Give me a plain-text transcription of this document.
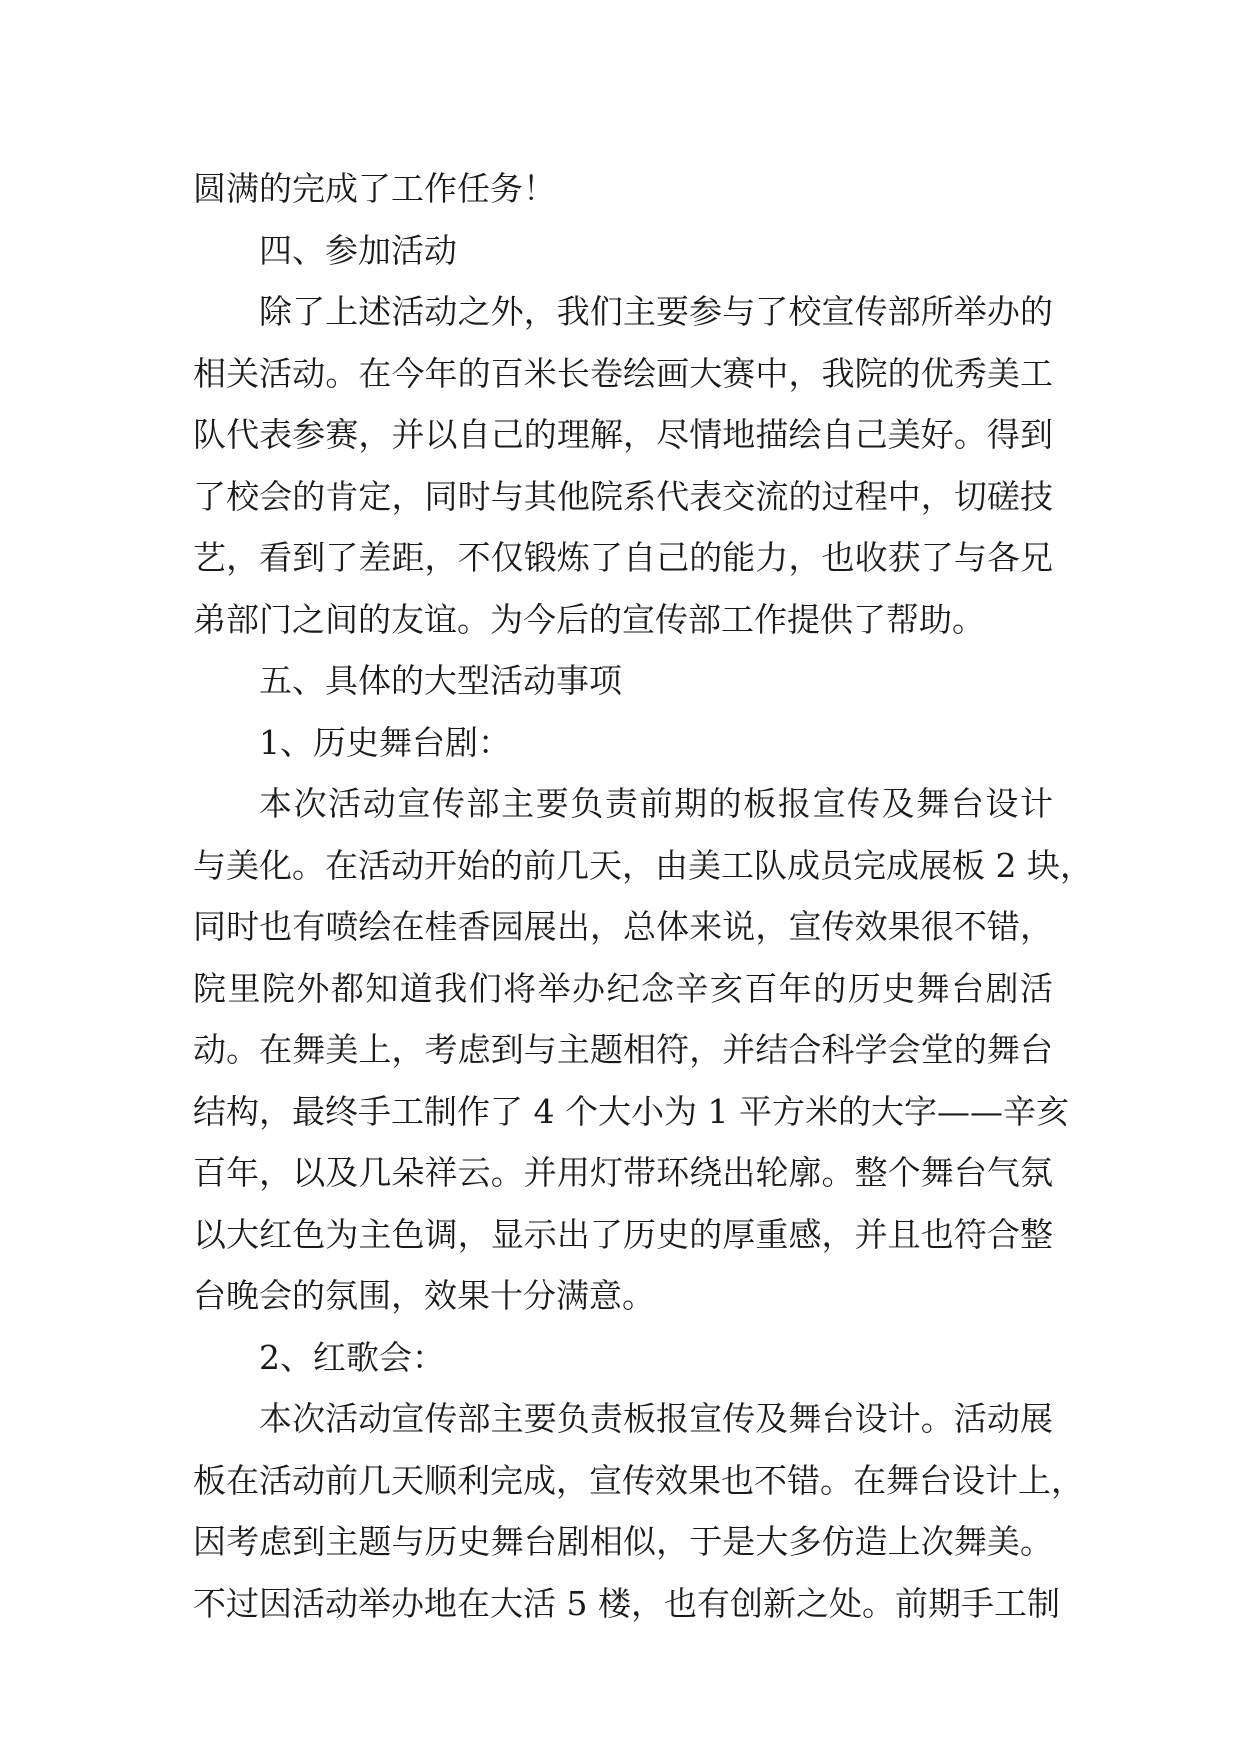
圆满的完成了工作任务！
四、参加活动
除了上述活动之外，我们主要参与了校宣传部所举办的
相关活动。在今年的百米长卷绘画大赛中，我院的优秀美工
队代表参赛，并以自己的理解，尽情地描绘自己美好。得到
了校会的肯定，同时与其他院系代表交流的过程中，切磋技
艺，看到了差距，不仅锻炼了自己的能力，也收获了与各兄
弟部门之间的友谊。为今后的宣传部工作提供了帮助。
五、具体的大型活动事项
1、历史舞台剧：
本次活动宣传部主要负责前期的板报宣传及舞台设计
与美化。在活动开始的前几天，由美工队成员完成展板 2 块，
同时也有喷绘在桂香园展出，总体来说，宣传效果很不错，
院里院外都知道我们将举办纪念辛亥百年的历史舞台剧活
动。在舞美上，考虑到与主题相符，并结合科学会堂的舞台
结构，最终手工制作了 4 个大小为 1 平方米的大字——辛亥
百年，以及几朵祥云。并用灯带环绕出轮廓。整个舞台气氛
以大红色为主色调，显示出了历史的厚重感，并且也符合整
台晚会的氛围，效果十分满意。
2、红歌会：
本次活动宣传部主要负责板报宣传及舞台设计。活动展
板在活动前几天顺利完成，宣传效果也不错。在舞台设计上，
因考虑到主题与历史舞台剧相似，于是大多仿造上次舞美。
不过因活动举办地在大活 5 楼，也有创新之处。前期手工制
